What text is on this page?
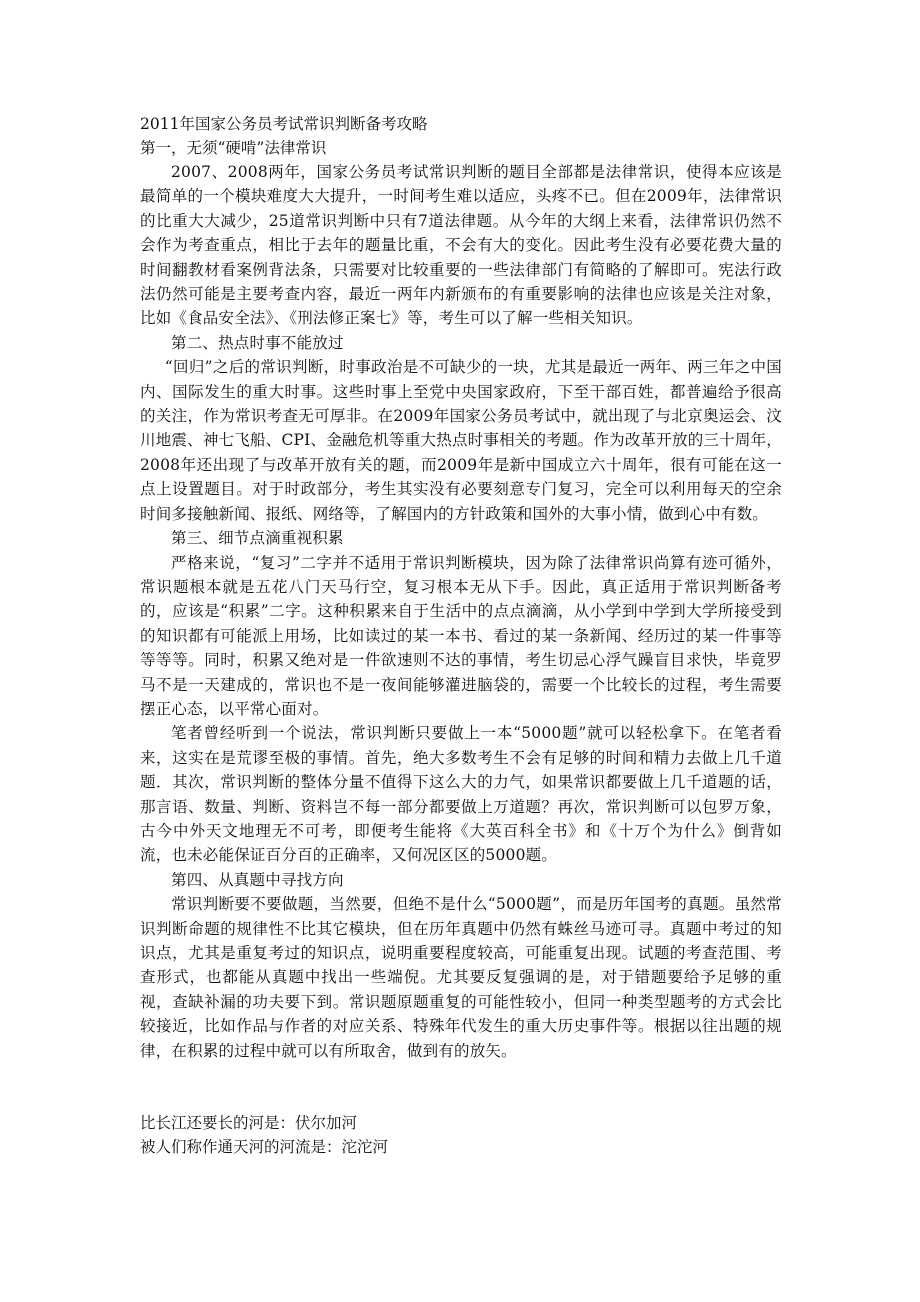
2011年国家公务员考试常识判断备考攻略

第一，无须“硬啃”法律常识

2007、2008两年，国家公务员考试常识判断的题目全部都是法律常识，使得本应该是最简单的一个模块难度大大提升，一时间考生难以适应，头疼不已。但在2009年，法律常识的比重大大减少，25道常识判断中只有7道法律题。从今年的大纲上来看，法律常识仍然不会作为考查重点，相比于去年的题量比重，不会有大的变化。因此考生没有必要花费大量的时间翻教材看案例背法条，只需要对比较重要的一些法律部门有简略的了解即可。宪法行政法仍然可能是主要考查内容，最近一两年内新颁布的有重要影响的法律也应该是关注对象，比如《食品安全法》、《刑法修正案七》等，考生可以了解一些相关知识。

第二、热点时事不能放过

“回归”之后的常识判断，时事政治是不可缺少的一块，尤其是最近一两年、两三年之中国内、国际发生的重大时事。这些时事上至党中央国家政府，下至干部百姓，都普遍给予很高的关注，作为常识考查无可厚非。在2009年国家公务员考试中，就出现了与北京奥运会、汶川地震、神七飞船、CPI、金融危机等重大热点时事相关的考题。作为改革开放的三十周年，2008年还出现了与改革开放有关的题，而2009年是新中国成立六十周年，很有可能在这一点上设置题目。对于时政部分，考生其实没有必要刻意专门复习，完全可以利用每天的空余时间多接触新闻、报纸、网络等，了解国内的方针政策和国外的大事小情，做到心中有数。

第三、细节点滴重视积累

严格来说，“复习”二字并不适用于常识判断模块，因为除了法律常识尚算有迹可循外，常识题根本就是五花八门天马行空，复习根本无从下手。因此，真正适用于常识判断备考的，应该是“积累”二字。这种积累来自于生活中的点点滴滴，从小学到中学到大学所接受到的知识都有可能派上用场，比如读过的某一本书、看过的某一条新闻、经历过的某一件事等等等等。同时，积累又绝对是一件欲速则不达的事情，考生切忌心浮气躁盲目求快，毕竟罗马不是一天建成的，常识也不是一夜间能够灌进脑袋的，需要一个比较长的过程，考生需要摆正心态，以平常心面对。

笔者曾经听到一个说法，常识判断只要做上一本“5000题”就可以轻松拿下。在笔者看来，这实在是荒谬至极的事情。首先，绝大多数考生不会有足够的时间和精力去做上几千道题．其次，常识判断的整体分量不值得下这么大的力气，如果常识都要做上几千道题的话，那言语、数量、判断、资料岂不每一部分都要做上万道题？再次，常识判断可以包罗万象，古今中外天文地理无不可考，即便考生能将《大英百科全书》和《十万个为什么》倒背如流，也未必能保证百分百的正确率，又何况区区的5000题。

第四、从真题中寻找方向

常识判断要不要做题，当然要，但绝不是什么“5000题”，而是历年国考的真题。虽然常识判断命题的规律性不比其它模块，但在历年真题中仍然有蛛丝马迹可寻。真题中考过的知识点，尤其是重复考过的知识点，说明重要程度较高，可能重复出现。试题的考查范围、考查形式，也都能从真题中找出一些端倪。尤其要反复强调的是，对于错题要给予足够的重视，查缺补漏的功夫要下到。常识题原题重复的可能性较小，但同一种类型题考的方式会比较接近，比如作品与作者的对应关系、特殊年代发生的重大历史事件等。根据以往出题的规律，在积累的过程中就可以有所取舍，做到有的放矢。

比长江还要长的河是：伏尔加河

被人们称作通天河的河流是：沱沱河
